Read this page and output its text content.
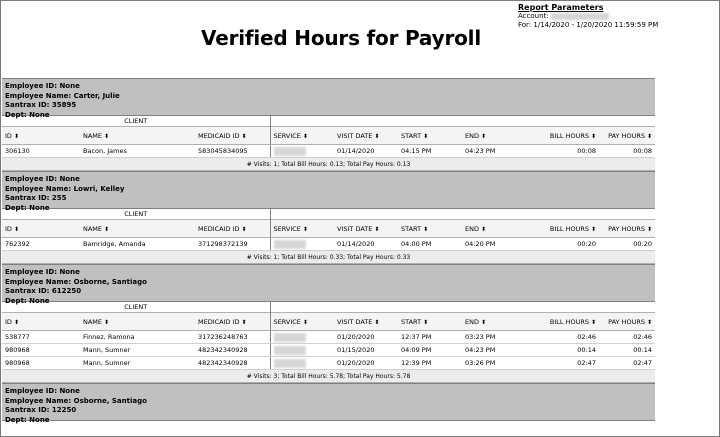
Report Parameters
Account:
For: 1/14/2020 - 1/20/2020 11:59:59 PM
Verified Hours for Payroll
Employee ID: None
Employee Name: Carter, Julie
Santrax ID: 35895
Dept: None
CLIENT								
ID ⬍	NAME ⬍	MEDICAID ID ⬍	SERVICE ⬍	VISIT DATE ⬍	START ⬍	END ⬍	BILL HOURS ⬍	PAY HOURS ⬍
306130	Bacon, James	583045834095		01/14/2020	04:15 PM	04:23 PM	00:08	00:08
# Visits: 1; Total Bill Hours: 0.13; Total Pay Hours: 0.13								
Employee ID: None
Employee Name: Lowri, Kelley
Santrax ID: 255
Dept: None
CLIENT								
ID ⬍	NAME ⬍	MEDICAID ID ⬍	SERVICE ⬍	VISIT DATE ⬍	START ⬍	END ⬍	BILL HOURS ⬍	PAY HOURS ⬍
762392	Bamridge, Amanda	371298372139		01/14/2020	04:00 PM	04:20 PM	00:20	00:20
# Visits: 1; Total Bill Hours: 0.33; Total Pay Hours: 0.33								
Employee ID: None
Employee Name: Osborne, Santiago
Santrax ID: 612250
Dept: None
CLIENT								
ID ⬍	NAME ⬍	MEDICAID ID ⬍	SERVICE ⬍	VISIT DATE ⬍	START ⬍	END ⬍	BILL HOURS ⬍	PAY HOURS ⬍
538777	Finnez, Ramona	317236248763		01/20/2020	12:37 PM	03:23 PM	02:46	02:46
980968	Mann, Sumner	482342340928		01/15/2020	04:09 PM	04:23 PM	00:14	00:14
980968	Mann, Sumner	482342340928		01/20/2020	12:39 PM	03:26 PM	02:47	02:47
# Visits: 3; Total Bill Hours: 5.78; Total Pay Hours: 5.78								
Employee ID: None
Employee Name: Osborne, Santiago
Santrax ID: 12250
Dept: None
